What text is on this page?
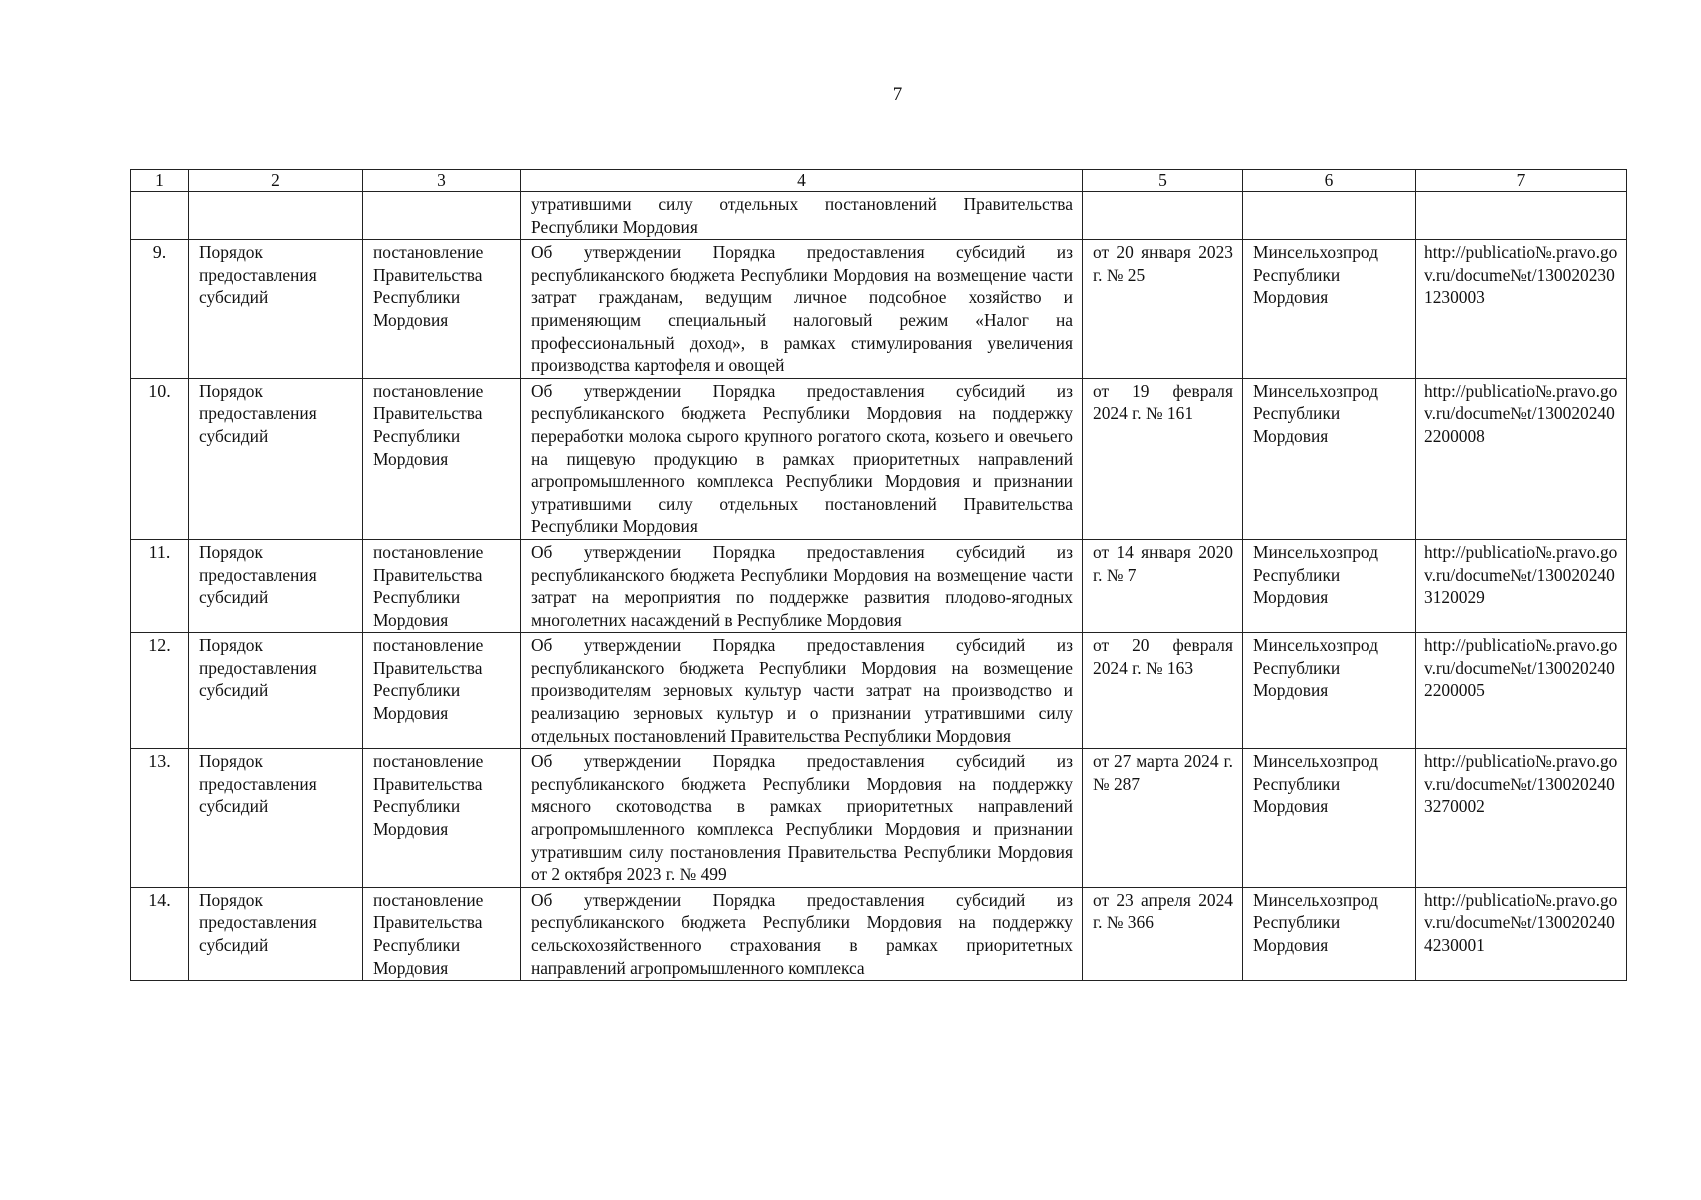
7
1	2	3	4	5	6	7
			утратившими силу отдельных постановлений Правительства Республики Мордовия			
9.	Порядок предоставления субсидий	постановление Правительства Республики Мордовия	Об утверждении Порядка предоставления субсидий из республиканского бюджета Республики Мордовия на возмещение части затрат гражданам, ведущим личное подсобное хозяйство и применяющим специальный налоговый режим «Налог на профессиональный доход», в рамках стимулирования увеличения производства картофеля и овощей	от 20 января 2023 г. № 25	Минсельхозпрод Республики Мордовия	http://publicatio№.pravo.gov.ru/docume№t/1300202301230003
10.	Порядок предоставления субсидий	постановление Правительства Республики Мордовия	Об утверждении Порядка предоставления субсидий из республиканского бюджета Республики Мордовия на поддержку переработки молока сырого крупного рогатого скота, козьего и овечьего на пищевую продукцию в рамках приоритетных направлений агропромышленного комплекса Республики Мордовия и признании утратившими силу отдельных постановлений Правительства Республики Мордовия	от 19 февраля 2024 г. № 161	Минсельхозпрод Республики Мордовия	http://publicatio№.pravo.gov.ru/docume№t/1300202402200008
11.	Порядок предоставления субсидий	постановление Правительства Республики Мордовия	Об утверждении Порядка предоставления субсидий из республиканского бюджета Республики Мордовия на возмещение части затрат на мероприятия по поддержке развития плодово-ягодных многолетних насаждений в Республике Мордовия	от 14 января 2020 г. № 7	Минсельхозпрод Республики Мордовия	http://publicatio№.pravo.gov.ru/docume№t/1300202403120029
12.	Порядок предоставления субсидий	постановление Правительства Республики Мордовия	Об утверждении Порядка предоставления субсидий из республиканского бюджета Республики Мордовия на возмещение производителям зерновых культур части затрат на производство и реализацию зерновых культур и о признании утратившими силу отдельных постановлений Правительства Республики Мордовия	от 20 февраля 2024 г. № 163	Минсельхозпрод Республики Мордовия	http://publicatio№.pravo.gov.ru/docume№t/1300202402200005
13.	Порядок предоставления субсидий	постановление Правительства Республики Мордовия	Об утверждении Порядка предоставления субсидий из республиканского бюджета Республики Мордовия на поддержку мясного скотоводства в рамках приоритетных направлений агропромышленного комплекса Республики Мордовия и признании утратившим силу постановления Правительства Республики Мордовия от 2 октября 2023 г. № 499	от 27 марта 2024 г. № 287	Минсельхозпрод Республики Мордовия	http://publicatio№.pravo.gov.ru/docume№t/1300202403270002
14.	Порядок предоставления субсидий	постановление Правительства Республики Мордовия	Об утверждении Порядка предоставления субсидий из республиканского бюджета Республики Мордовия на поддержку сельскохозяйственного страхования в рамках приоритетных направлений агропромышленного комплекса	от 23 апреля 2024 г. № 366	Минсельхозпрод Республики Мордовия	http://publicatio№.pravo.gov.ru/docume№t/1300202404230001
